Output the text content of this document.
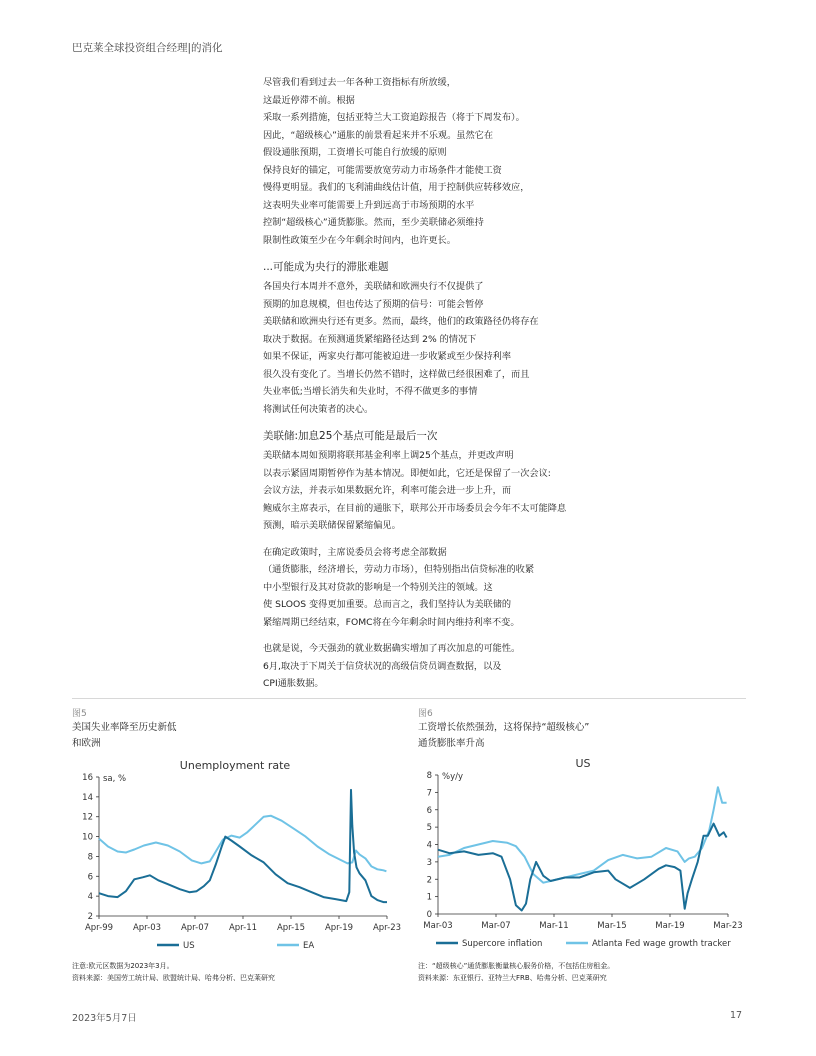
巴克莱全球投资组合经理|的消化

尽管我们看到过去一年各种工资指标有所放缓，

这最近停滞不前。根据

采取一系列措施，包括亚特兰大工资追踪报告（将于下周发布）。

因此，“超级核心”通胀的前景看起来并不乐观。虽然它在

假设通胀预期，工资增长可能自行放缓的原则

保持良好的锚定，可能需要放宽劳动力市场条件才能使工资

慢得更明显。我们的飞利浦曲线估计值，用于控制供应转移效应，

这表明失业率可能需要上升到远高于市场预期的水平

控制“超级核心”通货膨胀。然而，至少美联储必须维持

限制性政策至少在今年剩余时间内，也许更长。

...可能成为央行的滞胀难题

各国央行本周并不意外，美联储和欧洲央行不仅提供了

预期的加息规模，但也传达了预期的信号：可能会暂停

美联储和欧洲央行还有更多。然而，最终，他们的政策路径仍将存在

取决于数据。在预测通货紧缩路径达到 2% 的情况下

如果不保证，两家央行都可能被迫进一步收紧或至少保持利率

很久没有变化了。当增长仍然不错时，这样做已经很困难了，而且

失业率低;当增长消失和失业时，不得不做更多的事情

将测试任何决策者的决心。

美联储:加息25个基点可能是最后一次

美联储本周如预期将联邦基金利率上调25个基点，并更改声明

以表示紧固周期暂停作为基本情况。即便如此，它还是保留了一次会议:

会议方法，并表示如果数据允许，利率可能会进一步上升，而

鲍威尔主席表示，在目前的通胀下，联邦公开市场委员会今年不太可能降息

预测，暗示美联储保留紧缩偏见。

在确定政策时，主席说委员会将考虑全部数据

（通货膨胀，经济增长，劳动力市场），但特别指出信贷标准的收紧

中小型银行及其对贷款的影响是一个特别关注的领域。这

使 SLOOS 变得更加重要。总而言之，我们坚持认为美联储的

紧缩周期已经结束，FOMC将在今年剩余时间内维持利率不变。

也就是说，今天强劲的就业数据确实增加了再次加息的可能性。

6月,取决于下周关于信贷状况的高级信贷员调查数据，以及

CPI通胀数据。

图5
美国失业率降至历史新低
和欧洲
Unemployment rate
sa, %
16
14
12
10
8
6
4
2
Apr-99 Apr-03 Apr-07 Apr-11 Apr-15 Apr-19 Apr-23
US	EA
注意:欧元区数据为2023年3月。
资料来源：美国劳工统计局、欧盟统计局、哈弗分析、巴克莱研究
图6
工资增长依然强劲，这将保持“超级核心”
通货膨胀率升高
US
%y/y
8
7
6
5
4
3
2
1
0
Mar-03	Mar-07	Mar-11	Mar-15	Mar-19	Mar-23
Supercore inflation	Atlanta Fed wage growth tracker
注：“超级核心”通货膨胀衡量核心服务价格，不包括住房租金。
资料来源：东亚银行、亚特兰大FRB、哈弗分析、巴克莱研究
2023年5月7日	17
